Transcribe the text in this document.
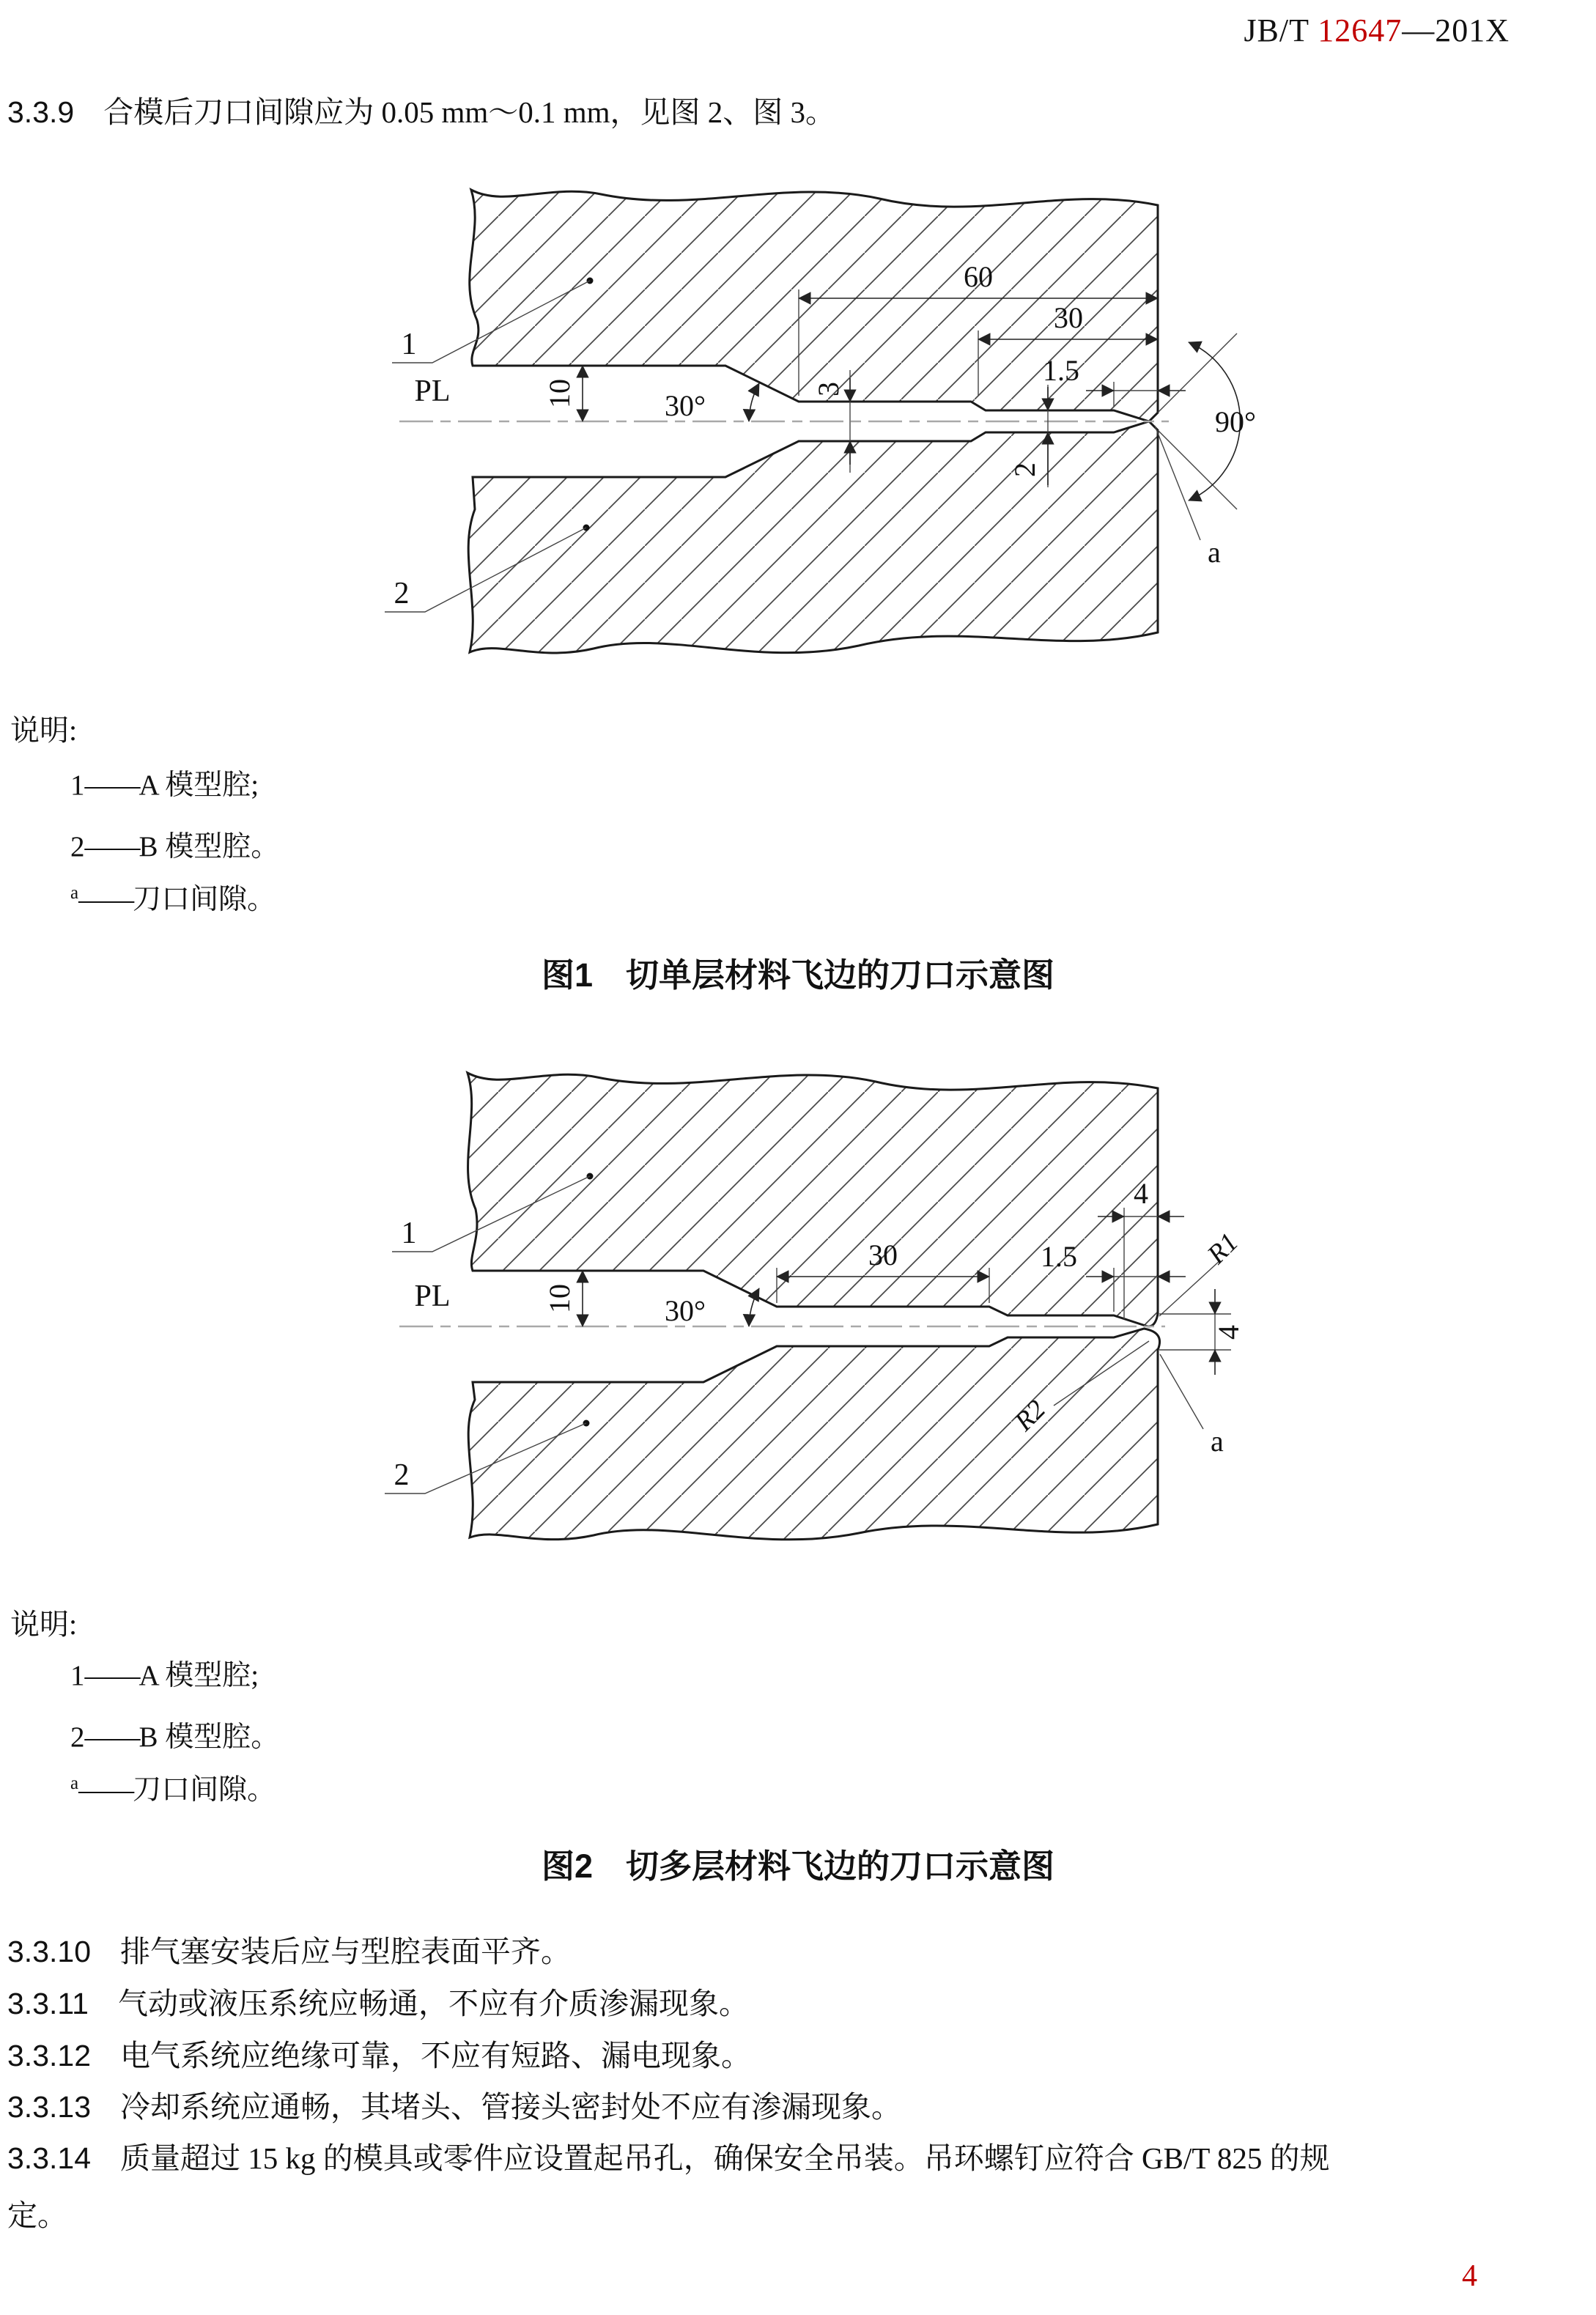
JB/T 12647—201X
3.3.9 合模后刀口间隙应为 0.05 mm～0.1 mm，见图 2、图 3。
PL
60
30
1.5
3
10	30°
2
90°
a
1
2
说明:
1——A 模型腔;
2——B 模型腔。
$^a$——刀口间隙。
图1　切单层材料飞边的刀口示意图
PL
30	1.5
4
10	30°
R1
4
R2
a
1
2
说明:
1——A 模型腔;
2——B 模型腔。
$^a$——刀口间隙。
图2　切多层材料飞边的刀口示意图
3.3.10 排气塞安装后应与型腔表面平齐。
3.3.11 气动或液压系统应畅通，不应有介质渗漏现象。
3.3.12 电气系统应绝缘可靠，不应有短路、漏电现象。
3.3.13 冷却系统应通畅，其堵头、管接头密封处不应有渗漏现象。
3.3.14 质量超过 15 kg 的模具或零件应设置起吊孔，确保安全吊装。吊环螺钉应符合 GB/T 825 的规
定。
4
